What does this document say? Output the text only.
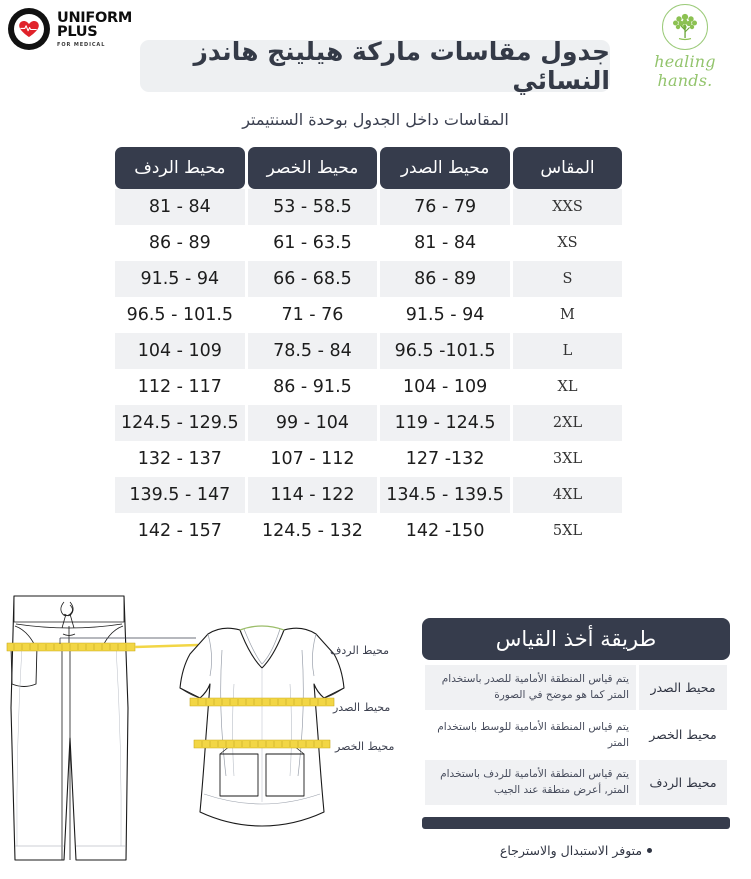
UNIFORM
PLUS
FOR MEDICAL
healing hands.
جدول مقاسات ماركة هيلينج هاندز النسائي
المقاسات داخل الجدول بوحدة السنتيمتر
المقاس	محيط الصدر	محيط الخصر	محيط الردف
XXS	76 - 79	53 - 58.5	81 - 84
XS	81 - 84	61 - 63.5	86 - 89
S	86 - 89	66 - 68.5	91.5 - 94
M	91.5 - 94	71 - 76	96.5 - 101.5
L	96.5 -101.5	78.5 - 84	104 - 109
XL	104 - 109	86 - 91.5	112 - 117
2XL	119 - 124.5	99 - 104	124.5 - 129.5
3XL	127 -132	107 - 112	132 - 137
4XL	134.5 - 139.5	114 - 122	139.5 - 147
5XL	142 -150	124.5 - 132	142 - 157
محيط الردف
محيط الصدر
محيط الخصر
طريقة أخذ القياس
محيط الصدر	يتم قياس المنطقة الأمامية للصدر باستخدام المتر كما هو موضح في الصورة
محيط الخصر	يتم قياس المنطقة الأمامية للوسط باستخدام المتر
محيط الردف	يتم قياس المنطقة الأمامية للردف باستخدام المتر, أعرض منطقة عند الجيب
متوفر الاستبدال والاسترجاع
